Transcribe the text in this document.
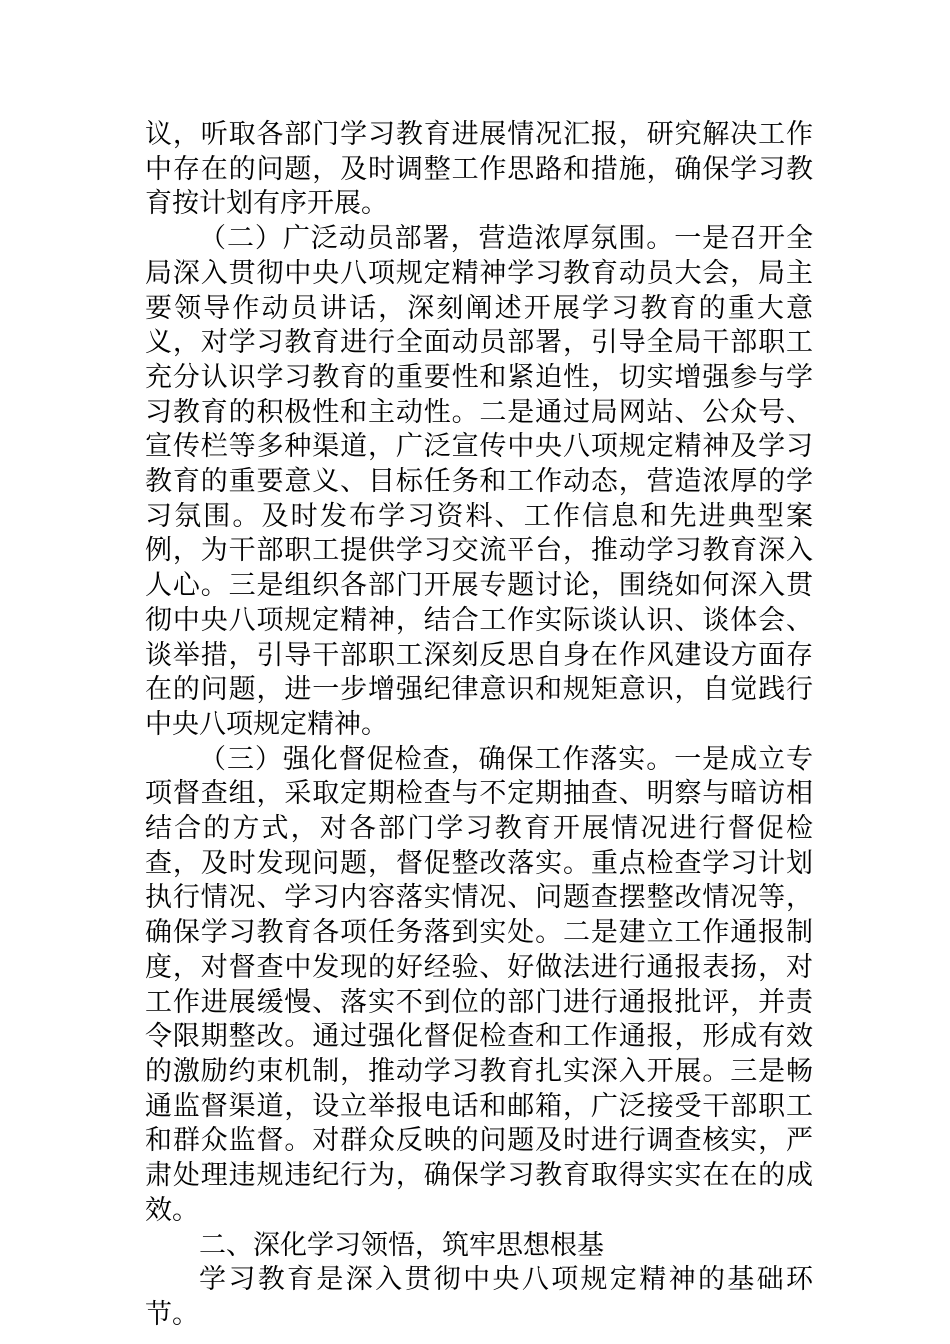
议，听取各部门学习教育进展情况汇报，研究解决工作中存在的问题，及时调整工作思路和措施，确保学习教育按计划有序开展。

（二）广泛动员部署，营造浓厚氛围。一是召开全局深入贯彻中央八项规定精神学习教育动员大会，局主要领导作动员讲话，深刻阐述开展学习教育的重大意义，对学习教育进行全面动员部署，引导全局干部职工充分认识学习教育的重要性和紧迫性，切实增强参与学习教育的积极性和主动性。二是通过局网站、公众号、宣传栏等多种渠道，广泛宣传中央八项规定精神及学习教育的重要意义、目标任务和工作动态，营造浓厚的学习氛围。及时发布学习资料、工作信息和先进典型案例，为干部职工提供学习交流平台，推动学习教育深入人心。三是组织各部门开展专题讨论，围绕如何深入贯彻中央八项规定精神，结合工作实际谈认识、谈体会、谈举措，引导干部职工深刻反思自身在作风建设方面存在的问题，进一步增强纪律意识和规矩意识，自觉践行中央八项规定精神。

（三）强化督促检查，确保工作落实。一是成立专项督查组，采取定期检查与不定期抽查、明察与暗访相结合的方式，对各部门学习教育开展情况进行督促检查，及时发现问题，督促整改落实。重点检查学习计划执行情况、学习内容落实情况、问题查摆整改情况等，确保学习教育各项任务落到实处。二是建立工作通报制度，对督查中发现的好经验、好做法进行通报表扬，对工作进展缓慢、落实不到位的部门进行通报批评，并责令限期整改。通过强化督促检查和工作通报，形成有效的激励约束机制，推动学习教育扎实深入开展。三是畅通监督渠道，设立举报电话和邮箱，广泛接受干部职工和群众监督。对群众反映的问题及时进行调查核实，严肃处理违规违纪行为，确保学习教育取得实实在在的成效。

二、深化学习领悟，筑牢思想根基

学习教育是深入贯彻中央八项规定精神的基础环节。
